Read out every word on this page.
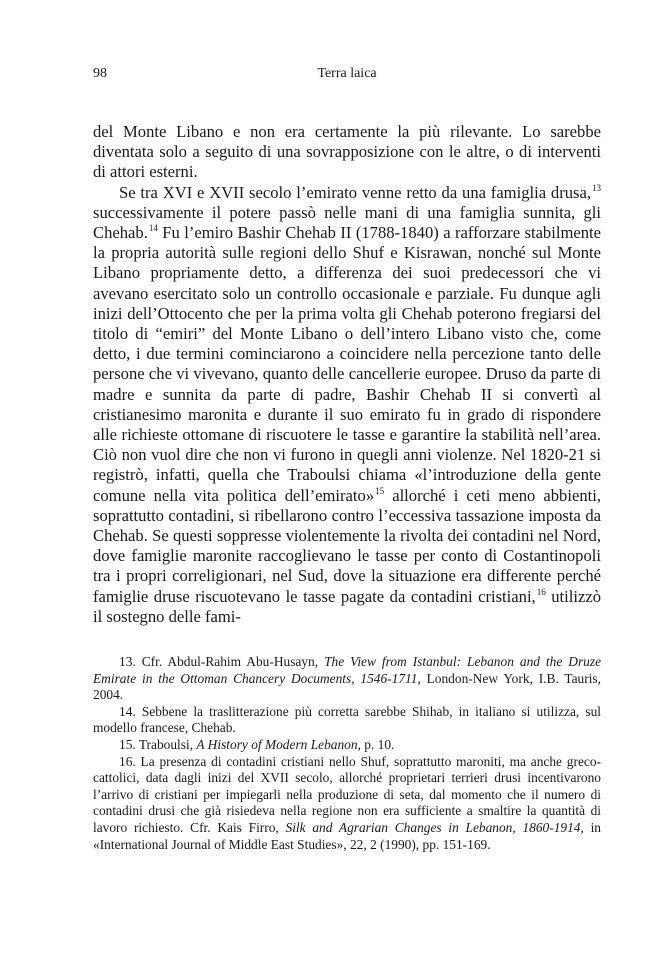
98	Terra laica

del Monte Libano e non era certamente la più rilevante. Lo sarebbe diventata solo a seguito di una sovrapposizione con le altre, o di interventi di attori esterni.

Se tra XVI e XVII secolo l’emirato venne retto da una famiglia drusa,$^{13}$ successivamente il potere passò nelle mani di una famiglia sunnita, gli Chehab.$^{14}$ Fu l’emiro Bashir Chehab II (1788-1840) a rafforzare stabilmente la propria autorità sulle regioni dello Shuf e Kisrawan, nonché sul Monte Libano propriamente detto, a differenza dei suoi predecessori che vi avevano esercitato solo un controllo occasionale e parziale. Fu dunque agli inizi dell’Ottocento che per la prima volta gli Chehab poterono fregiarsi del titolo di “emiri” del Monte Libano o dell’intero Libano visto che, come detto, i due termini cominciarono a coincidere nella percezione tanto delle persone che vi vivevano, quanto delle cancellerie europee. Druso da parte di madre e sunnita da parte di padre, Bashir Chehab II si convertì al cristianesimo maronita e durante il suo emirato fu in grado di rispondere alle richieste ottomane di riscuotere le tasse e garantire la stabilità nell’area. Ciò non vuol dire che non vi furono in quegli anni violenze. Nel 1820-21 si registrò, infatti, quella che Traboulsi chiama «l’introduzione della gente comune nella vita politica dell’emirato»$^{15}$ allorché i ceti meno abbienti, soprattutto contadini, si ribellarono contro l’eccessiva tassazione imposta da Chehab. Se questi soppresse violentemente la rivolta dei contadini nel Nord, dove famiglie maronite raccoglievano le tasse per conto di Costantinopoli tra i propri correligionari, nel Sud, dove la situazione era differente perché famiglie druse riscuotevano le tasse pagate da contadini cristiani,$^{16}$ utilizzò il sostegno delle fami-

13. Cfr. Abdul-Rahim Abu-Husayn, The View from Istanbul: Lebanon and the Druze Emirate in the Ottoman Chancery Documents, 1546-1711, London-New York, I.B. Tauris, 2004.

14. Sebbene la traslitterazione più corretta sarebbe Shihab, in italiano si utilizza, sul modello francese, Chehab.

15. Traboulsi, A History of Modern Lebanon, p. 10.

16. La presenza di contadini cristiani nello Shuf, soprattutto maroniti, ma anche greco-cattolici, data dagli inizi del XVII secolo, allorché proprietari terrieri drusi incentivarono l’arrivo di cristiani per impiegarli nella produzione di seta, dal momento che il numero di contadini drusi che già risiedeva nella regione non era sufficiente a smaltire la quantità di lavoro richiesto. Cfr. Kais Firro, Silk and Agrarian Changes in Lebanon, 1860-1914, in «International Journal of Middle East Studies», 22, 2 (1990), pp. 151-169.
